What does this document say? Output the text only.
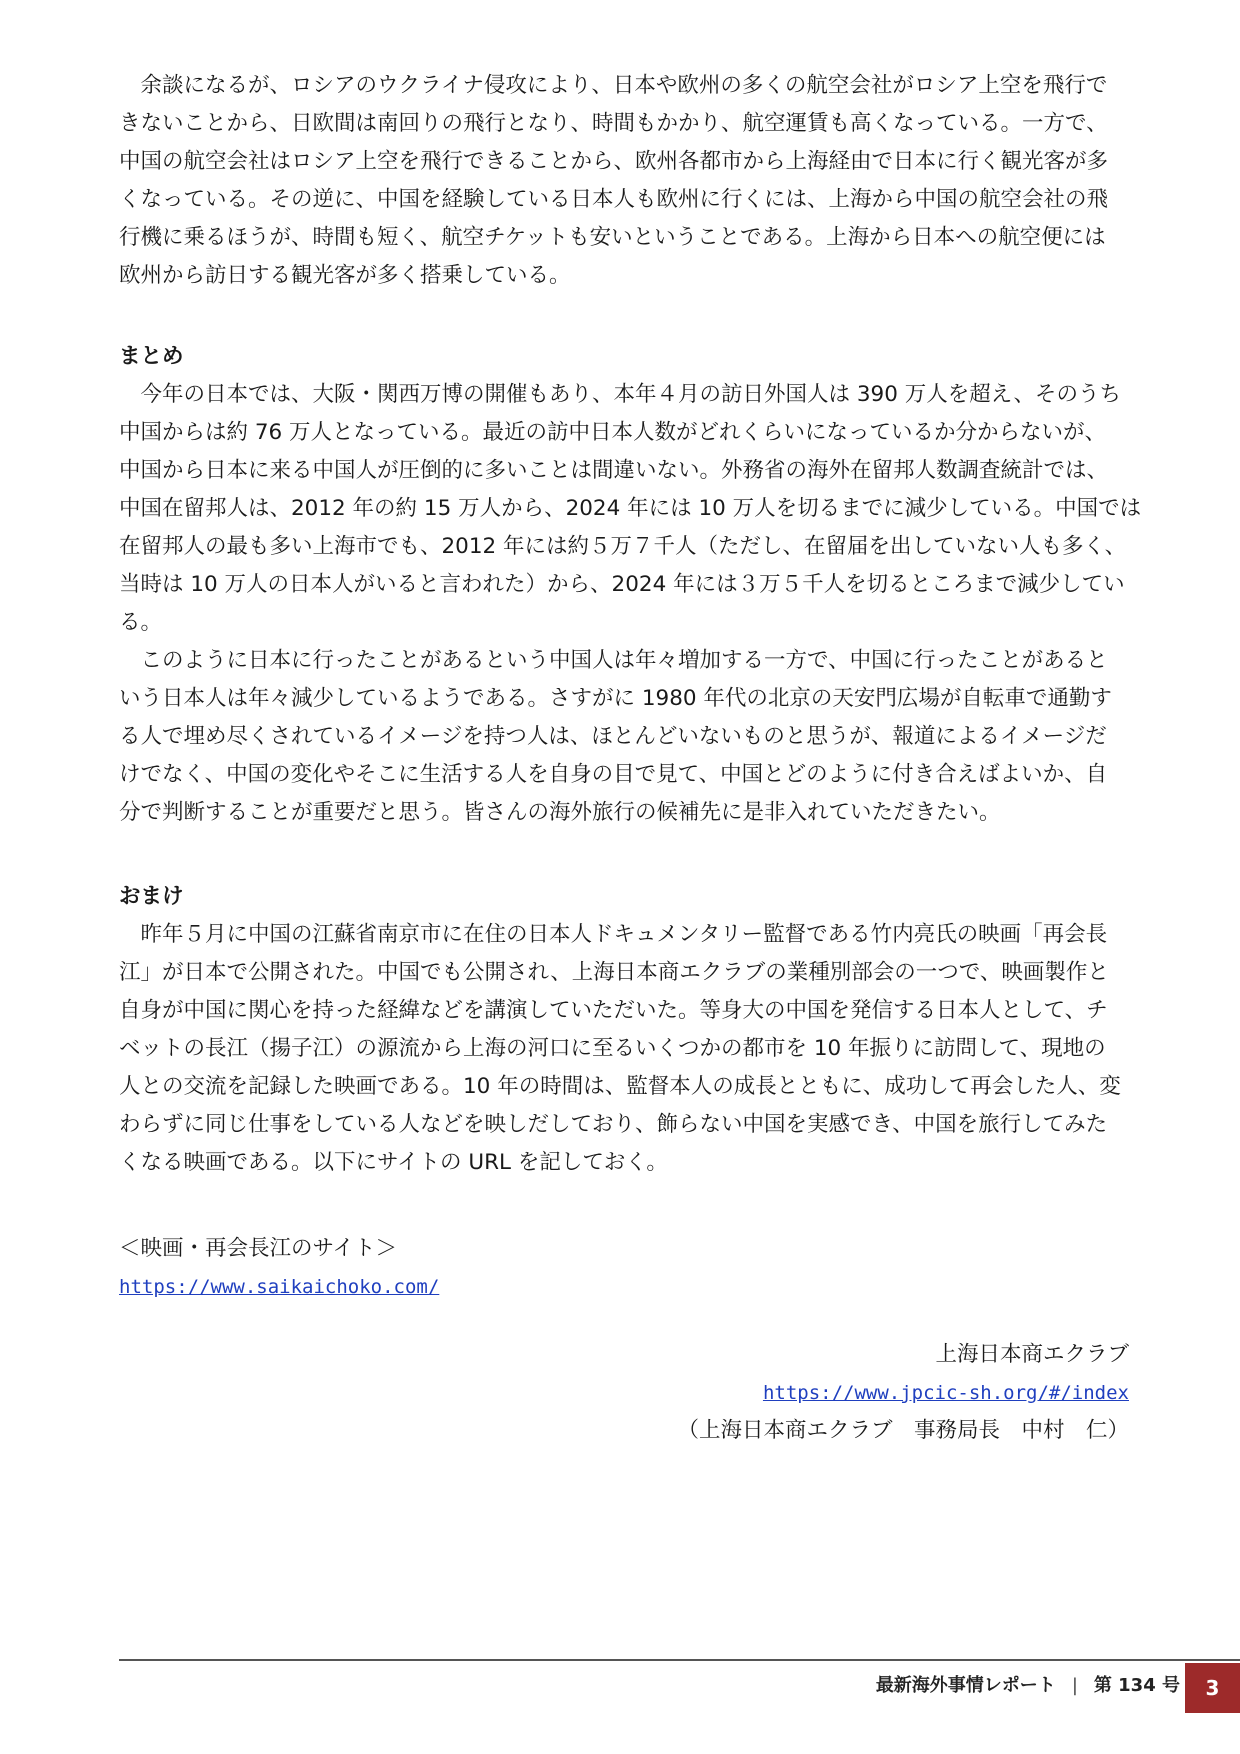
　余談になるが、ロシアのウクライナ侵攻により、日本や欧州の多くの航空会社がロシア上空を飛行で
きないことから、日欧間は南回りの飛行となり、時間もかかり、航空運賃も高くなっている。一方で、
中国の航空会社はロシア上空を飛行できることから、欧州各都市から上海経由で日本に行く観光客が多
くなっている。その逆に、中国を経験している日本人も欧州に行くには、上海から中国の航空会社の飛
行機に乗るほうが、時間も短く、航空チケットも安いということである。上海から日本への航空便には
欧州から訪日する観光客が多く搭乗している。
まとめ
　今年の日本では、大阪・関西万博の開催もあり、本年４月の訪日外国人は 390 万人を超え、そのうち
中国からは約 76 万人となっている。最近の訪中日本人数がどれくらいになっているか分からないが、
中国から日本に来る中国人が圧倒的に多いことは間違いない。外務省の海外在留邦人数調査統計では、
中国在留邦人は、2012 年の約 15 万人から、2024 年には 10 万人を切るまでに減少している。中国では
在留邦人の最も多い上海市でも、2012 年には約５万７千人（ただし、在留届を出していない人も多く、
当時は 10 万人の日本人がいると言われた）から、2024 年には３万５千人を切るところまで減少してい
る。
　このように日本に行ったことがあるという中国人は年々増加する一方で、中国に行ったことがあると
いう日本人は年々減少しているようである。さすがに 1980 年代の北京の天安門広場が自転車で通勤す
る人で埋め尽くされているイメージを持つ人は、ほとんどいないものと思うが、報道によるイメージだ
けでなく、中国の変化やそこに生活する人を自身の目で見て、中国とどのように付き合えばよいか、自
分で判断することが重要だと思う。皆さんの海外旅行の候補先に是非入れていただきたい。
おまけ
　昨年５月に中国の江蘇省南京市に在住の日本人ドキュメンタリー監督である竹内亮氏の映画「再会長
江」が日本で公開された。中国でも公開され、上海日本商エクラブの業種別部会の一つで、映画製作と
自身が中国に関心を持った経緯などを講演していただいた。等身大の中国を発信する日本人として、チ
ベットの長江（揚子江）の源流から上海の河口に至るいくつかの都市を 10 年振りに訪問して、現地の
人との交流を記録した映画である。10 年の時間は、監督本人の成長とともに、成功して再会した人、変
わらずに同じ仕事をしている人などを映しだしており、飾らない中国を実感でき、中国を旅行してみた
くなる映画である。以下にサイトの URL を記しておく。
＜映画・再会長江のサイト＞
https://www.saikaichoko.com/
上海日本商エクラブ
https://www.jpcic-sh.org/#/index
（上海日本商エクラブ　事務局長　中村　仁）
最新海外事情レポート | 第 134 号 3
